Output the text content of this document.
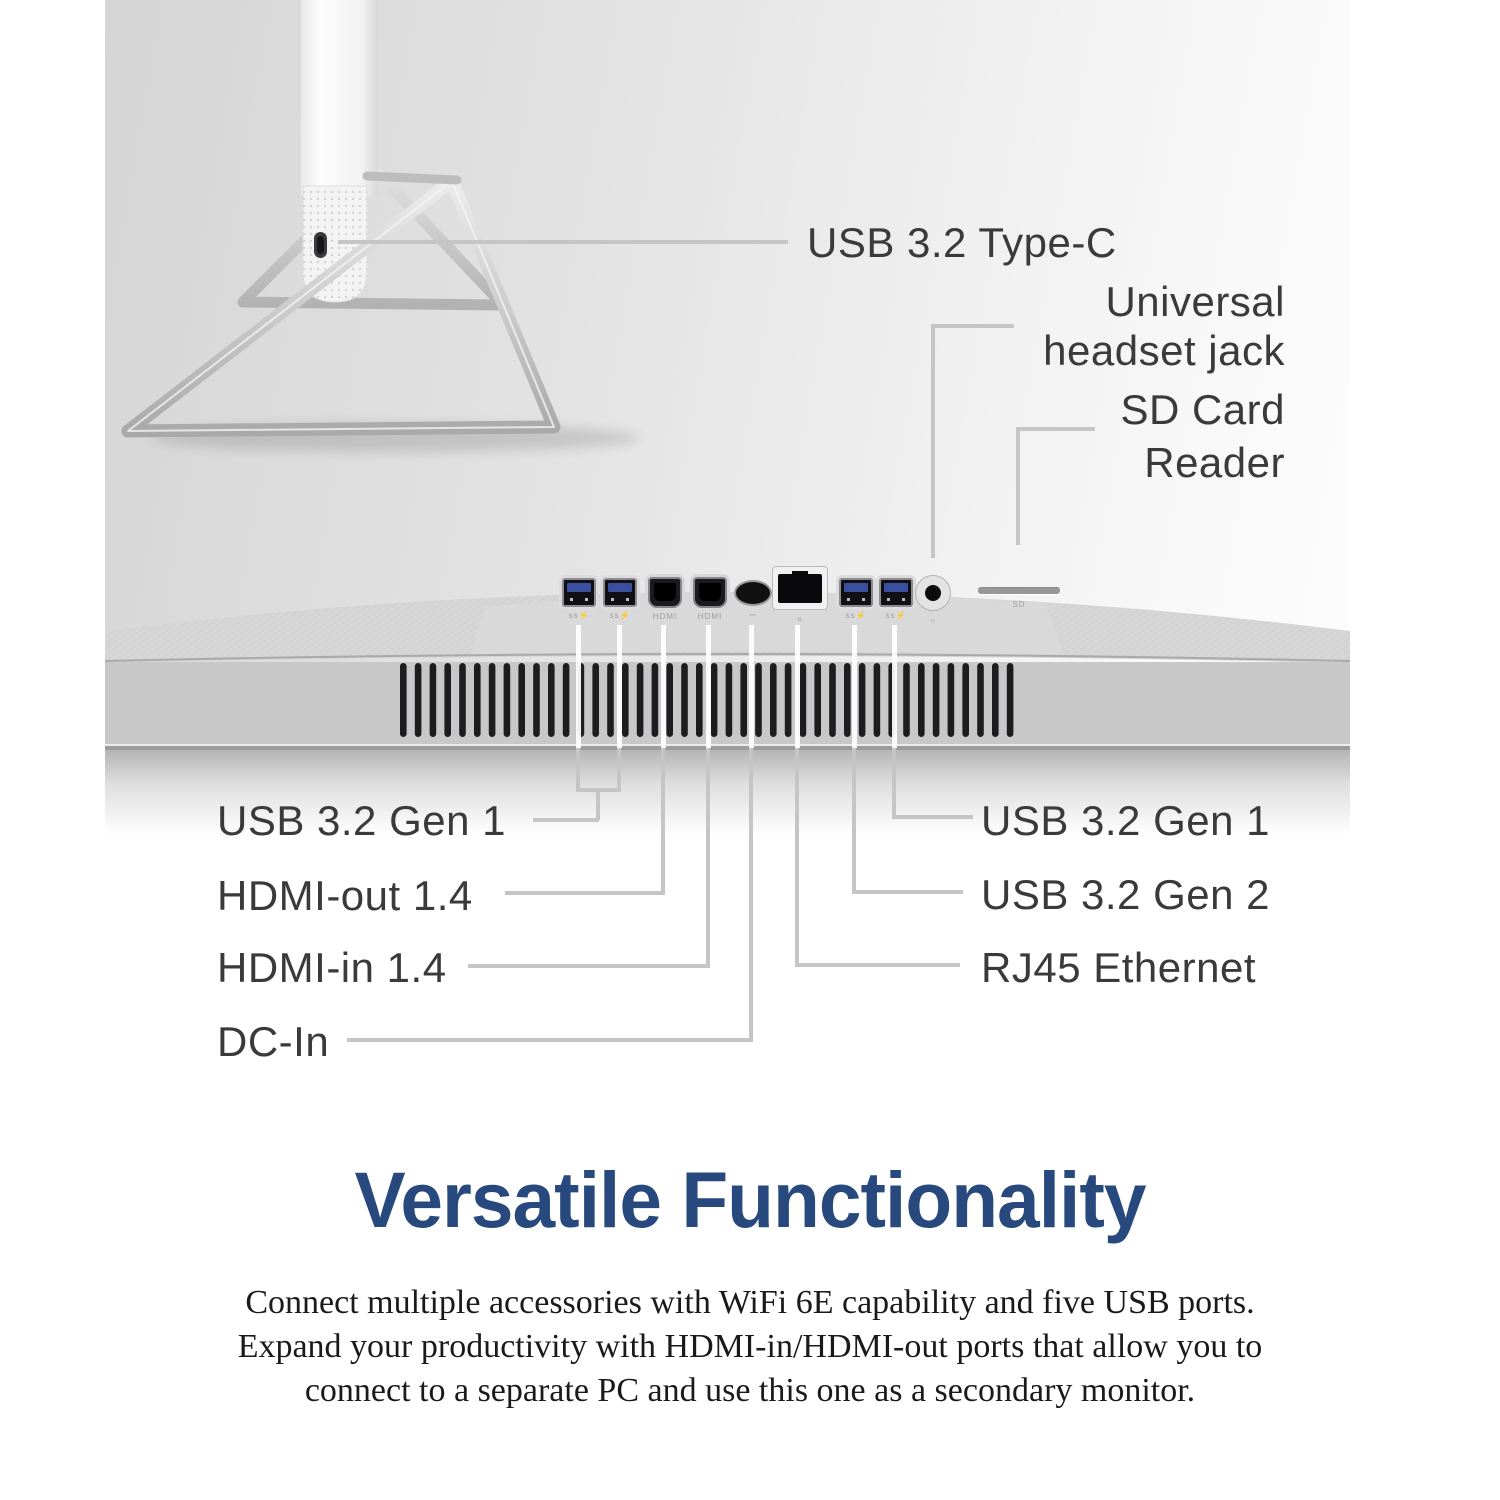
ss⚡	ss⚡	HDMI	HDMI	⎓
⌗	ss⚡ ss⚡
○
SD
USB 3.2 Type-C
Universal
headset jack
SD Card
Reader
USB 3.2 Gen 1
HDMI-out 1.4
HDMI-in 1.4
DC-In
USB 3.2 Gen 1
USB 3.2 Gen 2
RJ45 Ethernet
Versatile Functionality
Connect multiple accessories with WiFi 6E capability and five USB ports.
Expand your productivity with HDMI-in/HDMI-out ports that allow you to
connect to a separate PC and use this one as a secondary monitor.
